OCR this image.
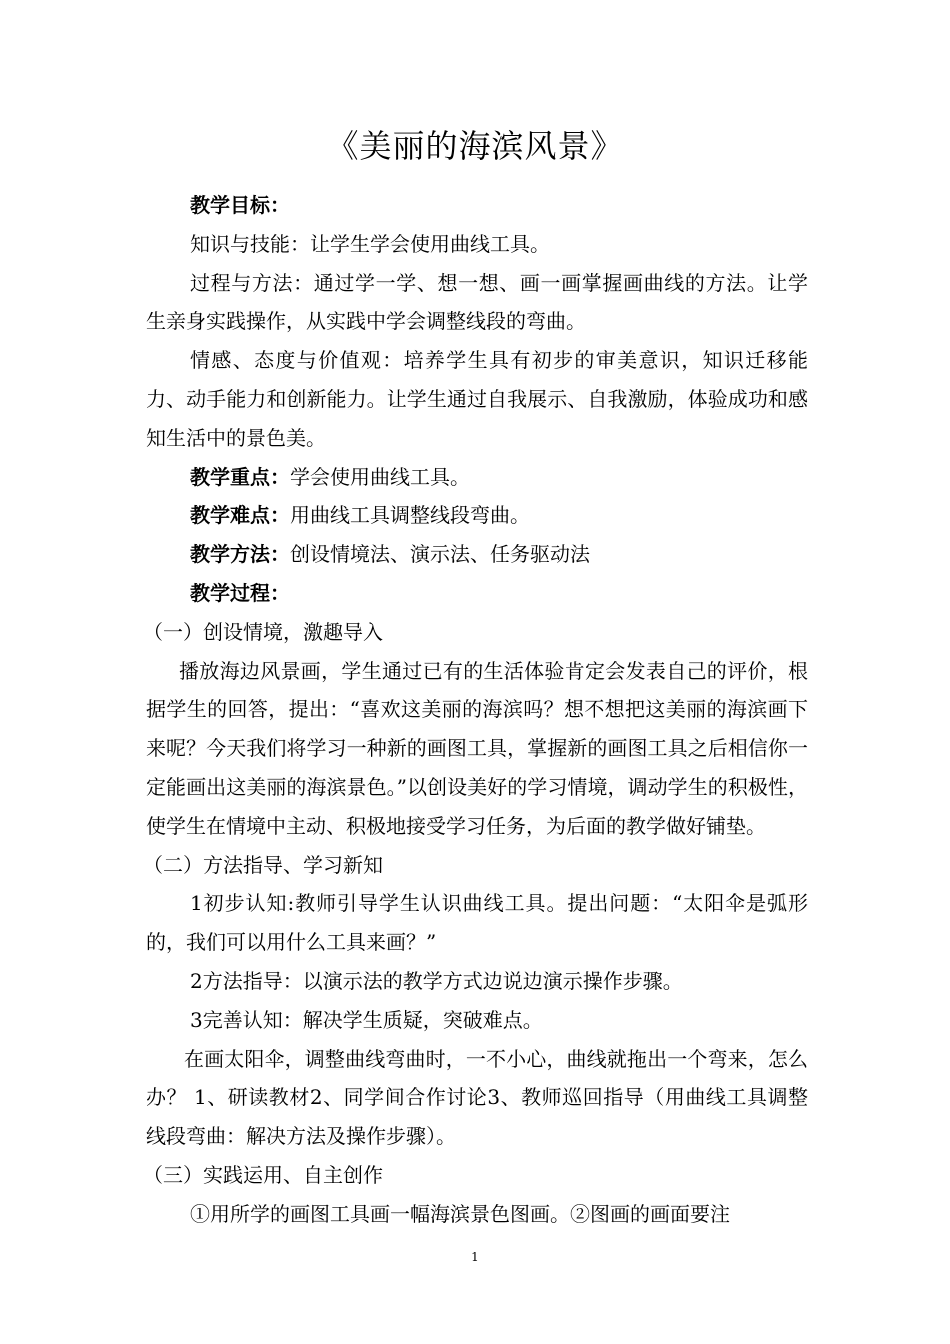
《美丽的海滨风景》

教学目标：

知识与技能：让学生学会使用曲线工具。

过程与方法：通过学一学、想一想、画一画掌握画曲线的方法。让学生亲身实践操作，从实践中学会调整线段的弯曲。

情感、态度与价值观：培养学生具有初步的审美意识，知识迁移能力、动手能力和创新能力。让学生通过自我展示、自我激励，体验成功和感知生活中的景色美。

教学重点：学会使用曲线工具。

教学难点：用曲线工具调整线段弯曲。

教学方法：创设情境法、演示法、任务驱动法

教学过程：

（一）创设情境，激趣导入

播放海边风景画，学生通过已有的生活体验肯定会发表自己的评价，根据学生的回答，提出：“喜欢这美丽的海滨吗？想不想把这美丽的海滨画下来呢？今天我们将学习一种新的画图工具，掌握新的画图工具之后相信你一定能画出这美丽的海滨景色。”以创设美好的学习情境，调动学生的积极性，使学生在情境中主动、积极地接受学习任务，为后面的教学做好铺垫。

（二）方法指导、学习新知

1初步认知:教师引导学生认识曲线工具。提出问题：“太阳伞是弧形的，我们可以用什么工具来画？”

2方法指导：以演示法的教学方式边说边演示操作步骤。

3完善认知：解决学生质疑，突破难点。

在画太阳伞，调整曲线弯曲时，一不小心，曲线就拖出一个弯来，怎么办？ 1、研读教材2、同学间合作讨论3、教师巡回指导（用曲线工具调整线段弯曲：解决方法及操作步骤）。

（三）实践运用、自主创作

①用所学的画图工具画一幅海滨景色图画。②图画的画面要注

1
